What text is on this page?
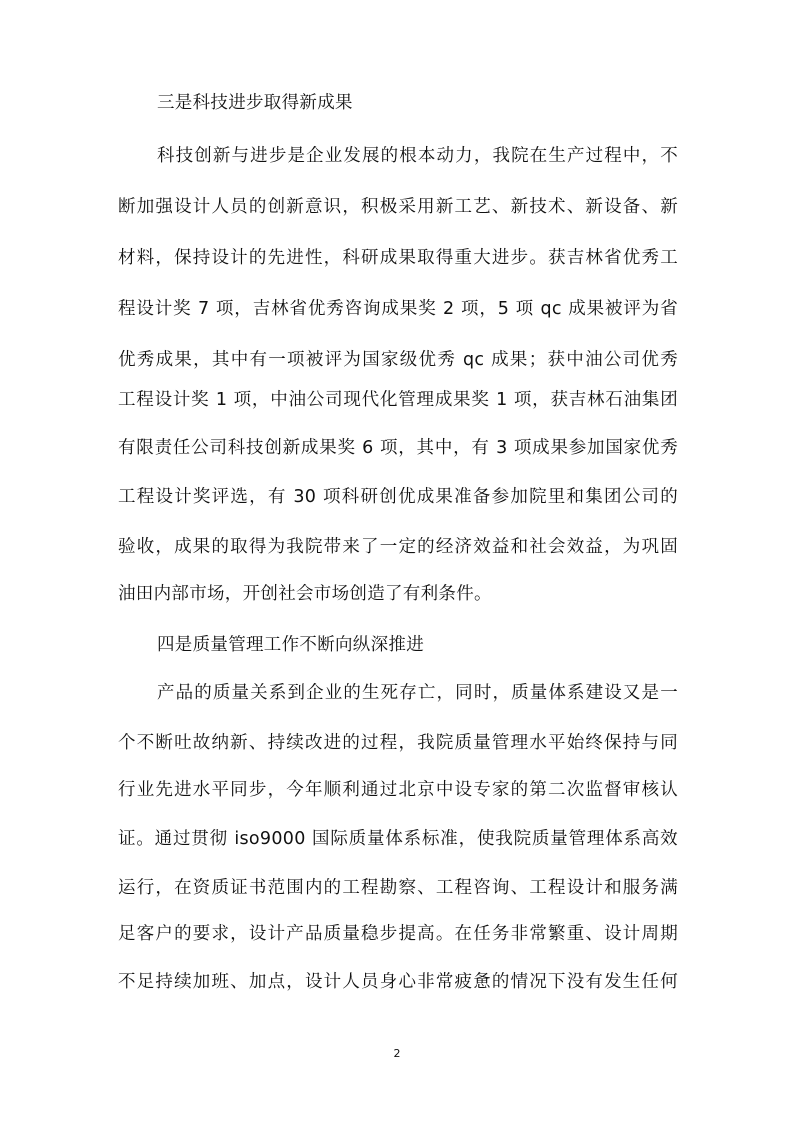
三是科技进步取得新成果
科技创新与进步是企业发展的根本动力，我院在生产过程中，不
断加强设计人员的创新意识，积极采用新工艺、新技术、新设备、新
材料，保持设计的先进性，科研成果取得重大进步。获吉林省优秀工
程设计奖 7 项，吉林省优秀咨询成果奖 2 项，5 项 qc 成果被评为省
优秀成果，其中有一项被评为国家级优秀 qc 成果；获中油公司优秀
工程设计奖 1 项，中油公司现代化管理成果奖 1 项，获吉林石油集团
有限责任公司科技创新成果奖 6 项，其中，有 3 项成果参加国家优秀
工程设计奖评选，有 30 项科研创优成果准备参加院里和集团公司的
验收，成果的取得为我院带来了一定的经济效益和社会效益，为巩固
油田内部市场，开创社会市场创造了有利条件。
四是质量管理工作不断向纵深推进
产品的质量关系到企业的生死存亡，同时，质量体系建设又是一
个不断吐故纳新、持续改进的过程，我院质量管理水平始终保持与同
行业先进水平同步，今年顺利通过北京中设专家的第二次监督审核认
证。通过贯彻 iso9000 国际质量体系标准，使我院质量管理体系高效
运行，在资质证书范围内的工程勘察、工程咨询、工程设计和服务满
足客户的要求，设计产品质量稳步提高。在任务非常繁重、设计周期
不足持续加班、加点，设计人员身心非常疲惫的情况下没有发生任何
2
